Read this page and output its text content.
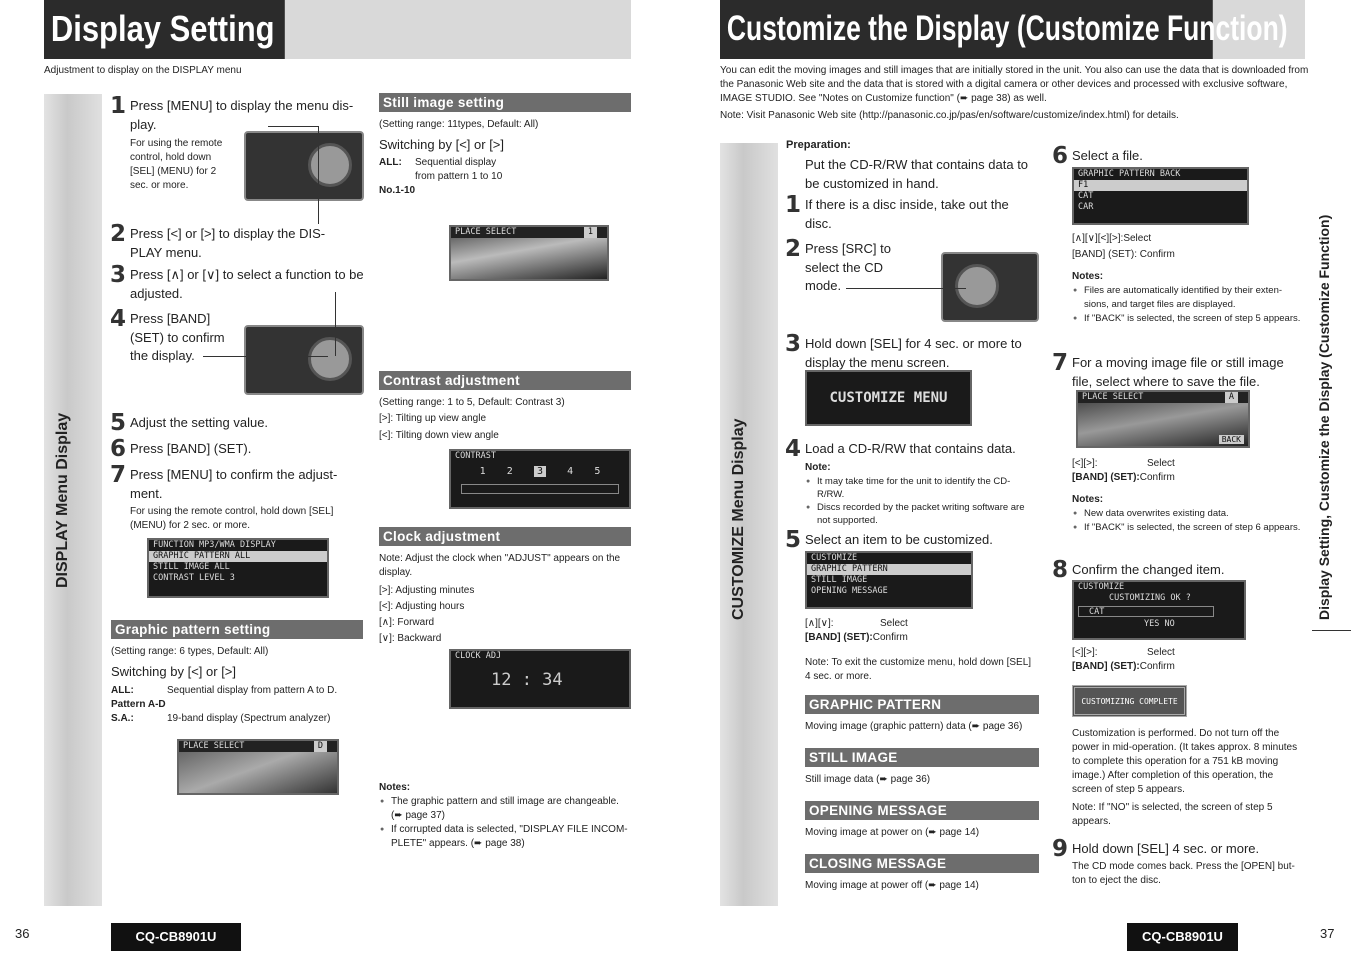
Display Setting
Adjustment to display on the DISPLAY menu
DISPLAY Menu Display
1 Press [MENU] to display the menu dis-play.
For using the remote control, hold down [SEL] (MENU) for 2 sec. or more.
2 Press [<] or [>] to display the DIS-PLAY menu.
3 Press [∧] or [∨] to select a function to be adjusted.
4 Press [BAND] (SET) to confirm the display.
5 Adjust the setting value.
6 Press [BAND] (SET).
7 Press [MENU] to confirm the adjust-ment.
For using the remote control, hold down [SEL] (MENU) for 2 sec. or more.
FUNCTION MP3/WMA DISPLAY
GRAPHIC PATTERN ALL
STILL IMAGE ALL
CONTRAST LEVEL 3
Graphic pattern setting
(Setting range: 6 types, Default: All)
Switching by [<] or [>]
ALL:	Sequential display from pattern A to D.
Pattern A-D
S.A.:	19-band display (Spectrum analyzer)
PLACE SELECT	D
Still image setting
(Setting range: 11types, Default: All)
Switching by [<] or [>]
ALL:	Sequential display from pattern 1 to 10
No.1-10
PLACE SELECT	1
Contrast adjustment
(Setting range: 1 to 5, Default: Contrast 3)
[>]: Tilting up view angle
[<]: Tilting down view angle
CONTRAST
1 2	3	4 5
Clock adjustment
Note: Adjust the clock when "ADJUST" appears on the display.
[>]: Adjusting minutes
[<]: Adjusting hours
[∧]: Forward
[∨]: Backward
CLOCK ADJ
12 : 34
Notes:
● The graphic pattern and still image are changeable. (➨ page 37)
● If corrupted data is selected, "DISPLAY FILE INCOM-PLETE" appears. (➨ page 38)
36	CQ-CB8901U
Customize the Display (Customize Function)
You can edit the moving images and still images that are initially stored in the unit. You also can use the data that is downloaded from the Panasonic Web site and the data that is stored with a digital camera or other devices and processed with exclusive software, IMAGE STUDIO. See "Notes on Customize function" (➨ page 38) as well.
Note: Visit Panasonic Web site (http://panasonic.co.jp/pas/en/software/customize/index.html) for details.
CUSTOMIZE Menu Display	Display Setting, Customize the Display (Customize Function)
Preparation:
Put the CD-R/RW that contains data to be customized in hand.
1 If there is a disc inside, take out the disc.
2 Press [SRC] to select the CD mode.
3 Hold down [SEL] for 4 sec. or more to display the menu screen.
CUSTOMIZE MENU
4 Load a CD-R/RW that contains data.
Note:
● It may take time for the unit to identify the CD-R/RW.
● Discs recorded by the packet writing software are not supported.
5 Select an item to be customized.
CUSTOMIZE
GRAPHIC PATTERN
STILL IMAGE
OPENING MESSAGE
[∧][∨]:	Select
[BAND] (SET):Confirm
Note: To exit the customize menu, hold down [SEL] 4 sec. or more.
GRAPHIC PATTERN
Moving image (graphic pattern) data (➨ page 36)
STILL IMAGE
Still image data (➨ page 36)
OPENING MESSAGE
Moving image at power on (➨ page 14)
CLOSING MESSAGE
Moving image at power off (➨ page 14)
6 Select a file.
GRAPHIC PATTERN BACK
F1
CAT
CAR
[∧][∨][<][>]:Select
[BAND] (SET): Confirm
Notes:
● Files are automatically identified by their exten-sions, and target files are displayed.
● If "BACK" is selected, the screen of step 5 appears.
7 For a moving image file or still image file, select where to save the file.
PLACE SELECT	A
BACK
[<][>]:	Select
[BAND] (SET):Confirm
Notes:
● New data overwrites existing data.
● If "BACK" is selected, the screen of step 6 appears.
8 Confirm the changed item.
CUSTOMIZE
CUSTOMIZING OK ?
CAT
YES NO
[<][>]:	Select
[BAND] (SET):Confirm
CUSTOMIZING COMPLETE
Customization is performed. Do not turn off the power in mid-operation. (It takes approx. 8 minutes to complete this operation for a 751 kB moving image.) After completion of this operation, the screen of step 5 appears.
Note: If "NO" is selected, the screen of step 5 appears.
9 Hold down [SEL] 4 sec. or more.
The CD mode comes back. Press the [OPEN] but-ton to eject the disc.
CQ-CB8901U	37
